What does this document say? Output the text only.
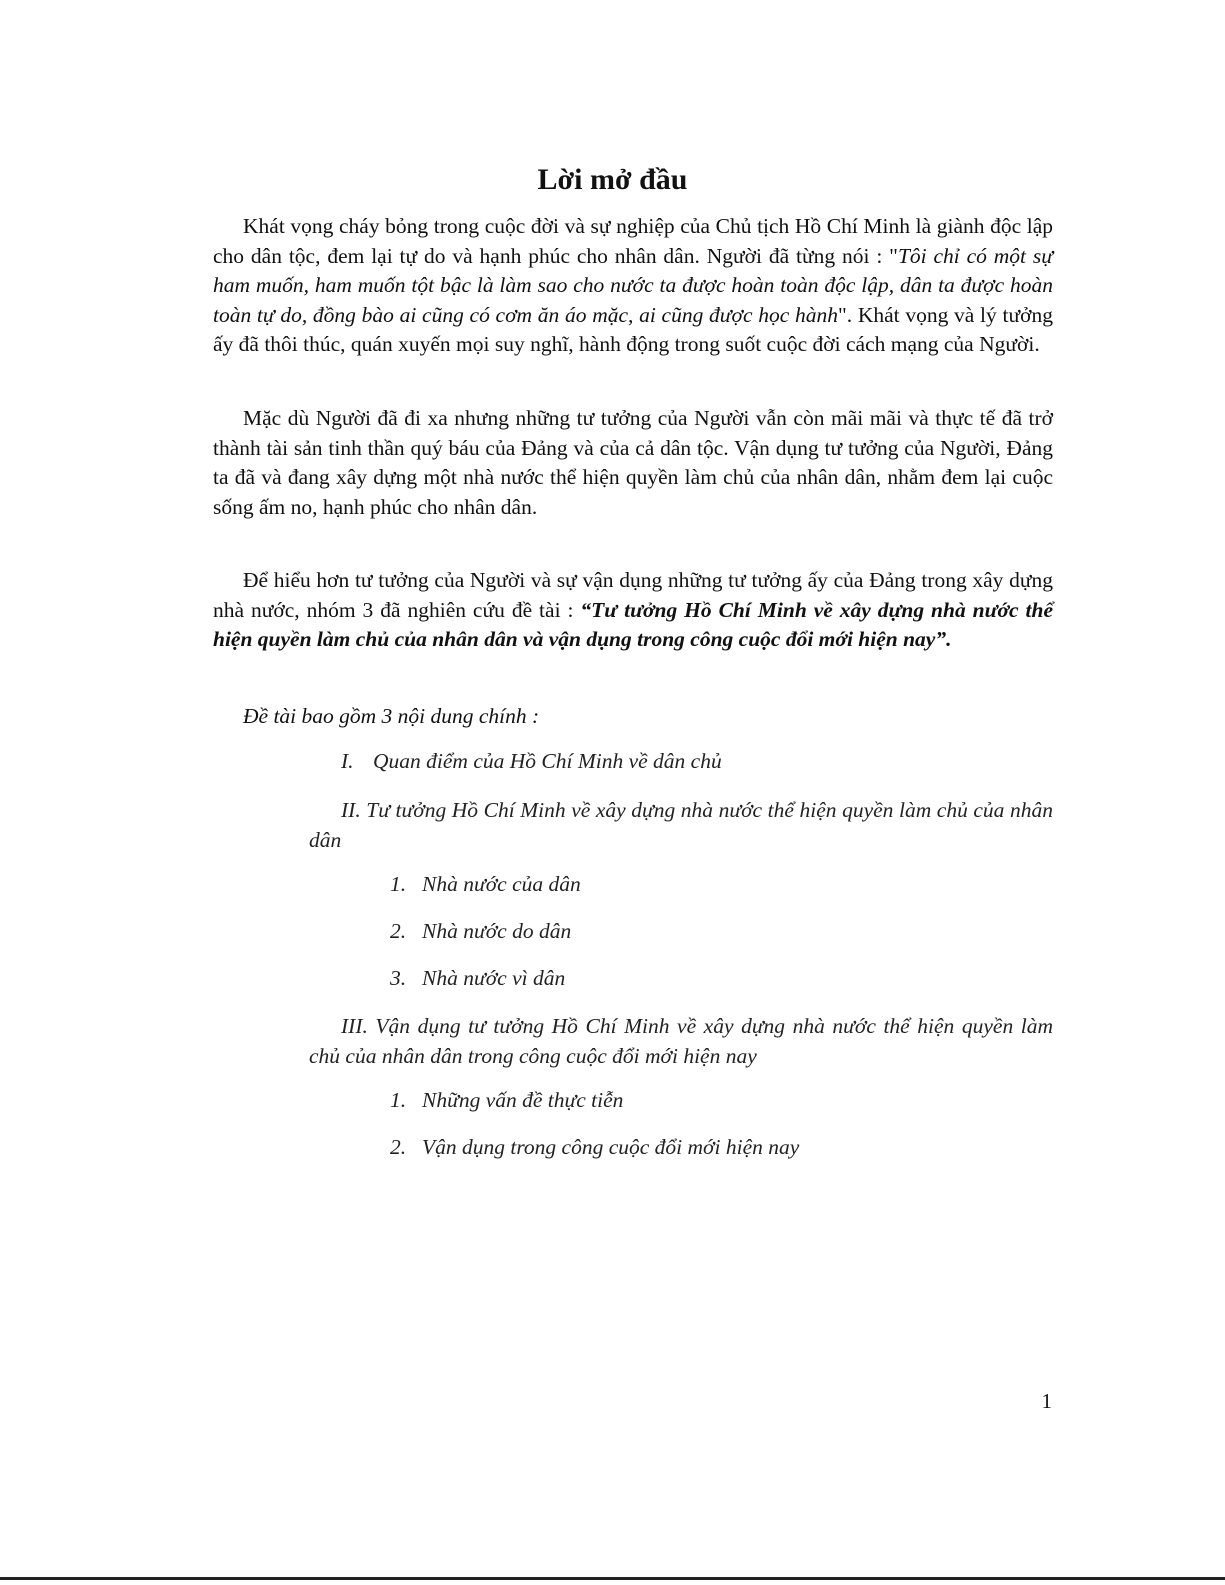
Lời mở đầu

Khát vọng cháy bỏng trong cuộc đời và sự nghiệp của Chủ tịch Hồ Chí Minh là giành độc lập cho dân tộc, đem lại tự do và hạnh phúc cho nhân dân. Người đã từng nói : "Tôi chỉ có một sự ham muốn, ham muốn tột bậc là làm sao cho nước ta được hoàn toàn độc lập, dân ta được hoàn toàn tự do, đồng bào ai cũng có cơm ăn áo mặc, ai cũng được học hành". Khát vọng và lý tưởng ấy đã thôi thúc, quán xuyến mọi suy nghĩ, hành động trong suốt cuộc đời cách mạng của Người.

Mặc dù Người đã đi xa nhưng những tư tưởng của Người vẫn còn mãi mãi và thực tế đã trở thành tài sản tinh thần quý báu của Đảng và của cả dân tộc. Vận dụng tư tưởng của Người, Đảng ta đã và đang xây dựng một nhà nước thể hiện quyền làm chủ của nhân dân, nhằm đem lại cuộc sống ấm no, hạnh phúc cho nhân dân.

Để hiểu hơn tư tưởng của Người và sự vận dụng những tư tưởng ấy của Đảng trong xây dựng nhà nước, nhóm 3 đã nghiên cứu đề tài : “Tư tưởng Hồ Chí Minh về xây dựng nhà nước thể hiện quyền làm chủ của nhân dân và vận dụng trong công cuộc đổi mới hiện nay”.

Đề tài bao gồm 3 nội dung chính :

I. Quan điểm của Hồ Chí Minh về dân chủ

II. Tư tưởng Hồ Chí Minh về xây dựng nhà nước thể hiện quyền làm chủ của nhân dân

1. Nhà nước của dân

2. Nhà nước do dân

3. Nhà nước vì dân

III. Vận dụng tư tưởng Hồ Chí Minh về xây dựng nhà nước thể hiện quyền làm chủ của nhân dân trong công cuộc đổi mới hiện nay

1. Những vấn đề thực tiễn

2. Vận dụng trong công cuộc đổi mới hiện nay

1
